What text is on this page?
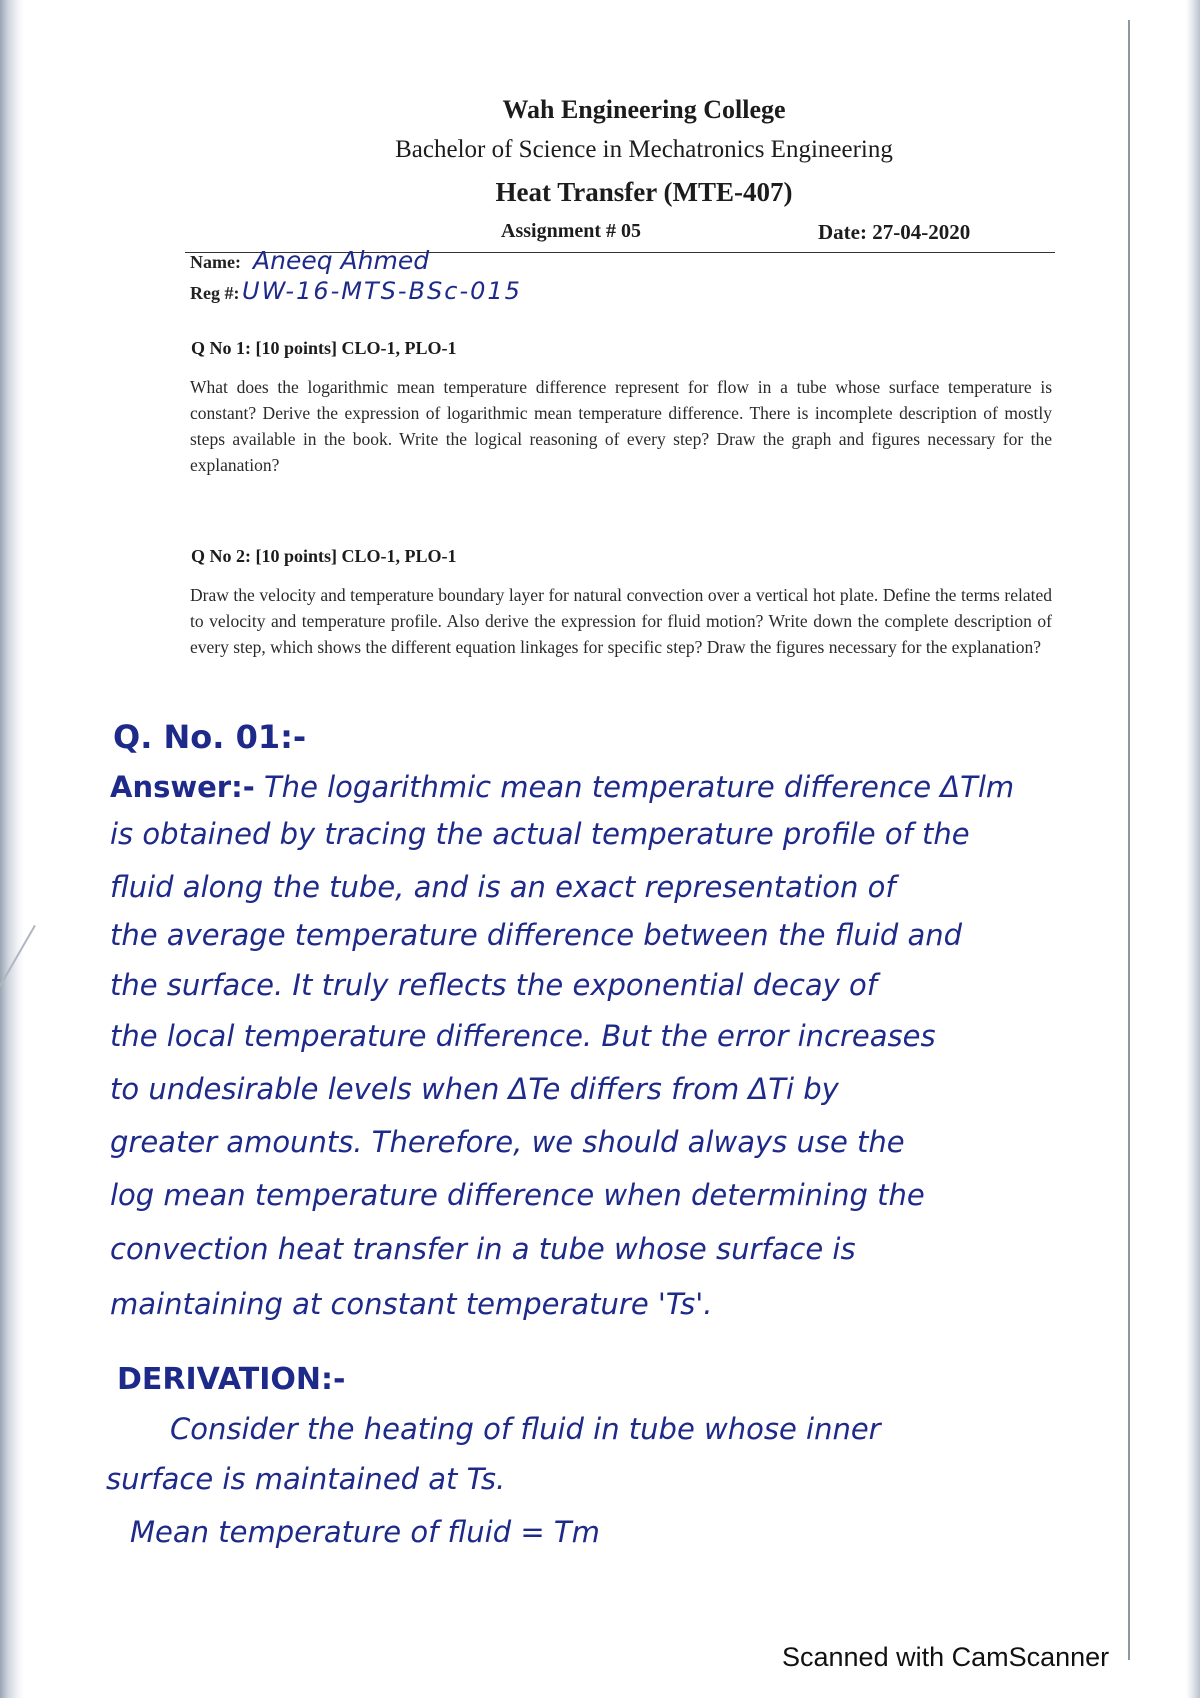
Wah Engineering College
Bachelor of Science in Mechatronics Engineering
Heat Transfer (MTE-407)
Assignment # 05	Date: 27-04-2020
Name: Aneeq Ahmed
Reg #: UW-16-MTS-BSc-015
Q No 1: [10 points] CLO-1, PLO-1
What does the logarithmic mean temperature difference represent for flow in a tube whose surface temperature is constant? Derive the expression of logarithmic mean temperature difference. There is incomplete description of mostly steps available in the book. Write the logical reasoning of every step? Draw the graph and figures necessary for the explanation?
Q No 2: [10 points] CLO-1, PLO-1
Draw the velocity and temperature boundary layer for natural convection over a vertical hot plate. Define the terms related to velocity and temperature profile. Also derive the expression for fluid motion? Write down the complete description of every step, which shows the different equation linkages for specific step? Draw the figures necessary for the explanation?
Q. No. 01:-
Answer:- The logarithmic mean temperature difference ΔTlm
is obtained by tracing the actual temperature profile of the
fluid along the tube, and is an exact representation of
the average temperature difference between the fluid and
the surface. It truly reflects the exponential decay of
the local temperature difference. But the error increases
to undesirable levels when ΔTe differs from ΔTi by
greater amounts. Therefore, we should always use the
log mean temperature difference when determining the
convection heat transfer in a tube whose surface is
maintaining at constant temperature 'Ts'.
DERIVATION:-
Consider the heating of fluid in tube whose inner
surface is maintained at Ts.
Mean temperature of fluid = Tm
Scanned with CamScanner
